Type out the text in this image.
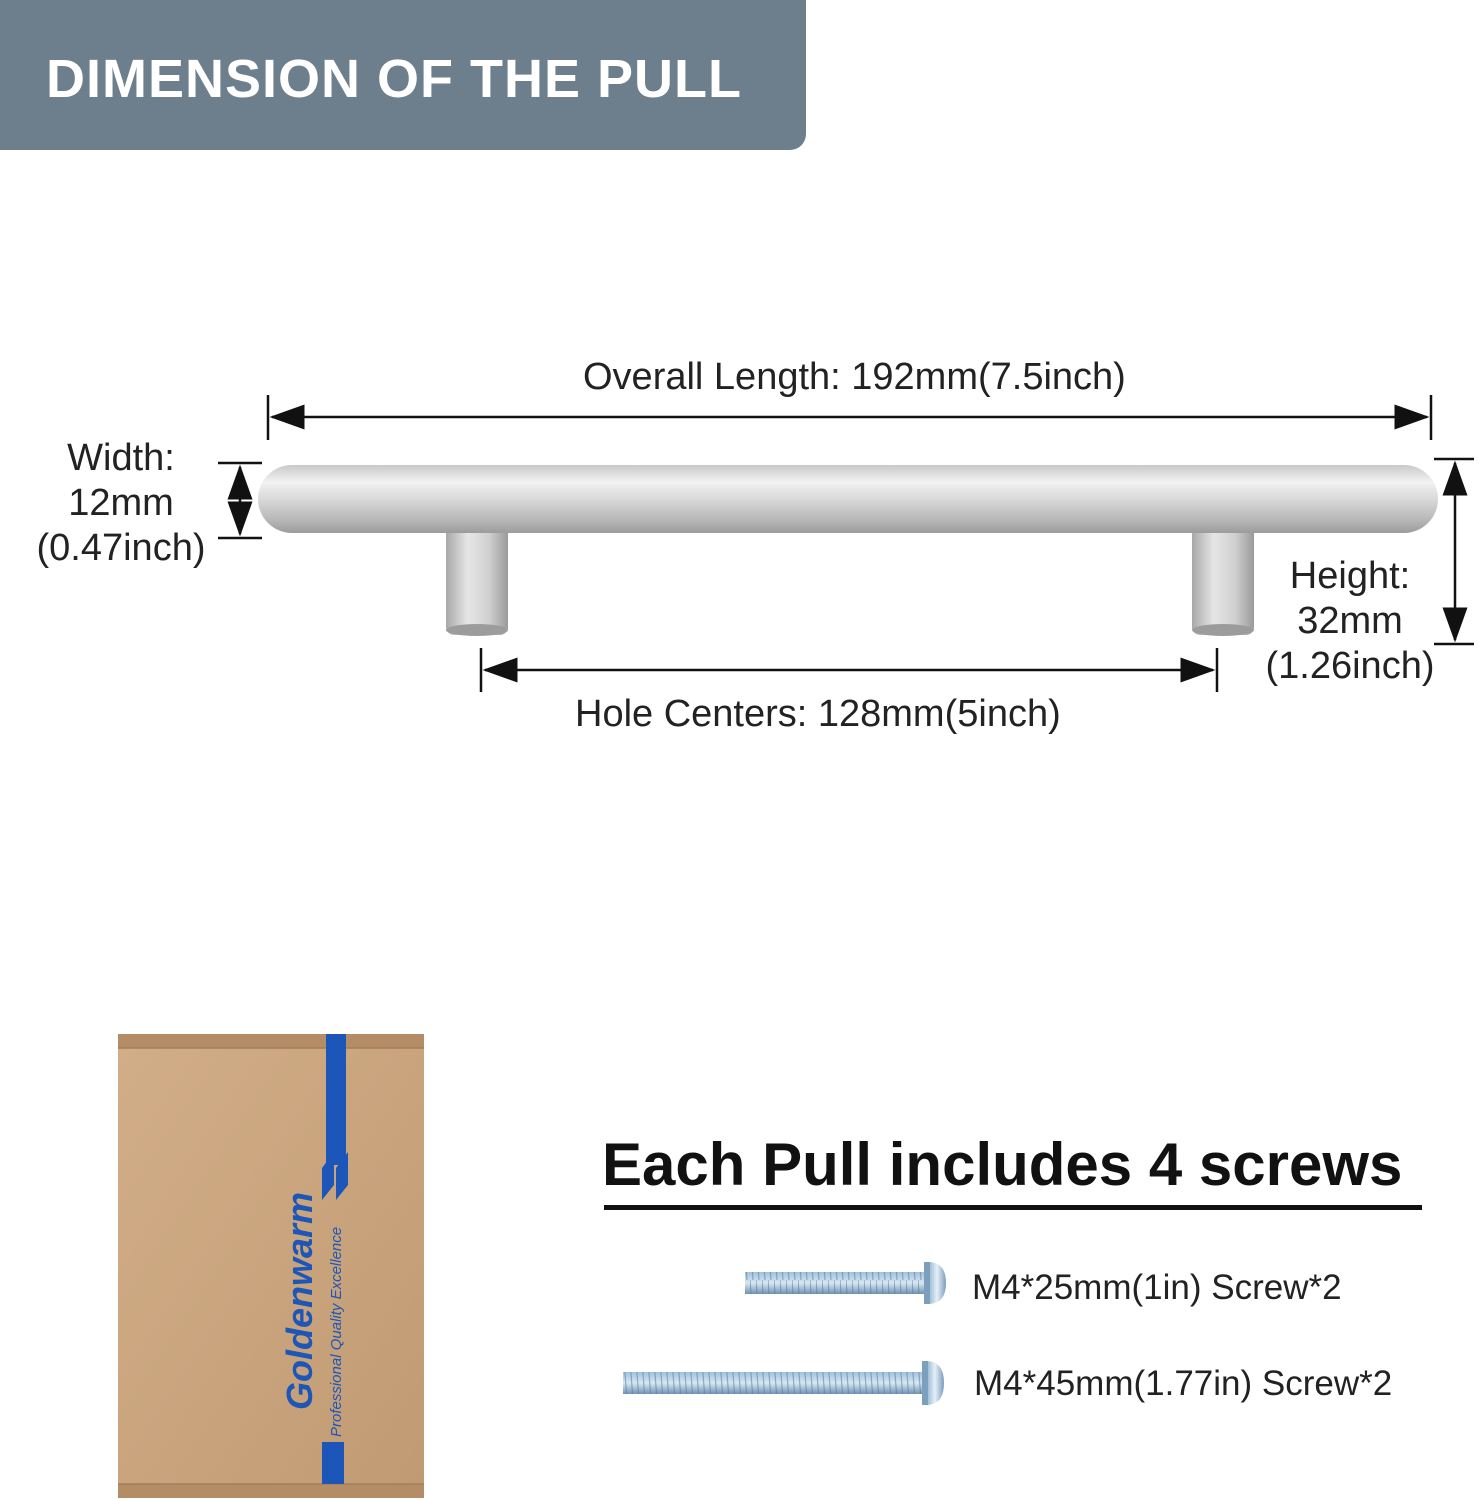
DIMENSION OF THE PULL
Overall Length: 192mm(7.5inch)
Width:
12mm
(0.47inch)
Height:
32mm
(1.26inch)
Hole Centers: 128mm(5inch)
Goldenwarm Professional Quality Excellence
Each Pull includes 4 screws
M4*25mm(1in) Screw*2
M4*45mm(1.77in) Screw*2
